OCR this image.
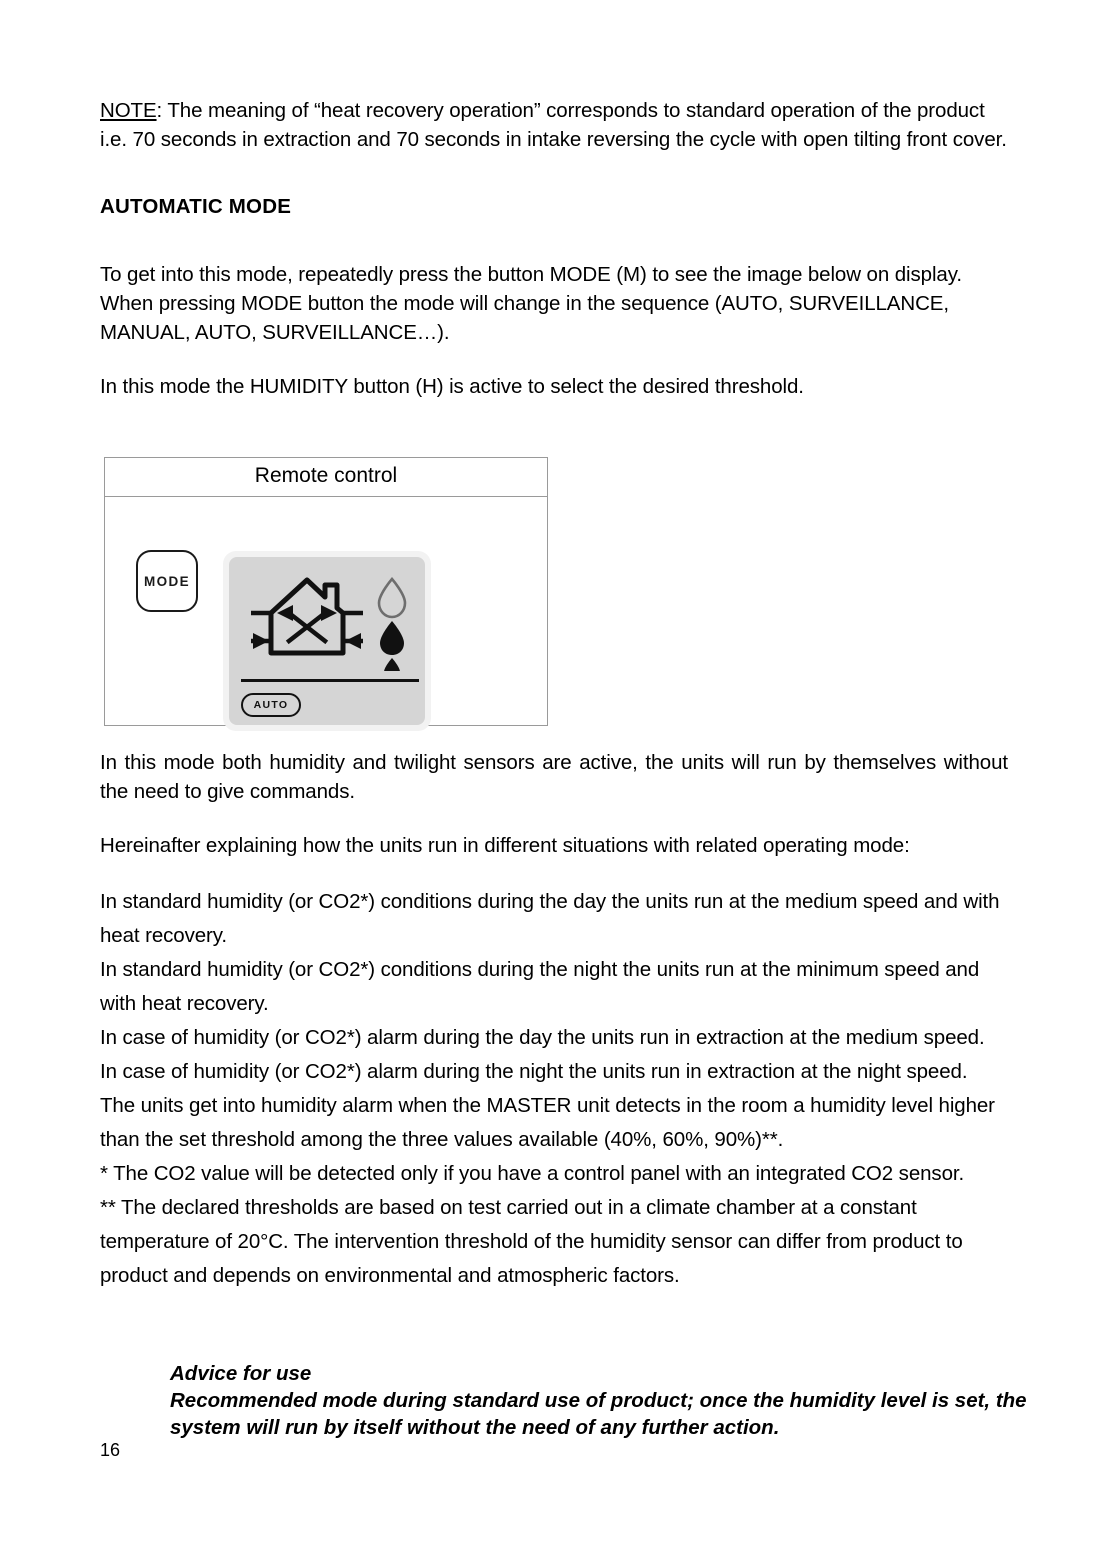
NOTE: The meaning of “heat recovery operation” corresponds to standard operation of the product i.e. 70 seconds in extraction and 70 seconds in intake reversing the cycle with open tilting front cover.

AUTOMATIC MODE

To get into this mode, repeatedly press the button MODE (M) to see the image below on display.

When pressing MODE button the mode will change in the sequence (AUTO, SURVEILLANCE, MANUAL, AUTO, SURVEILLANCE…).

In this mode the HUMIDITY button (H) is active to select the desired threshold.

Remote control
MODE
AUTO

In this mode both humidity and twilight sensors are active, the units will run by themselves without the need to give commands.

Hereinafter explaining how the units run in different situations with related operating mode:

In standard humidity (or CO2*) conditions during the day the units run at the medium speed and with heat recovery.

In standard humidity (or CO2*) conditions during the night the units run at the minimum speed and with heat recovery.

In case of humidity (or CO2*) alarm during the day the units run in extraction at the medium speed.

In case of humidity (or CO2*) alarm during the night the units run in extraction at the night speed.

The units get into humidity alarm when the MASTER unit detects in the room a humidity level higher than the set threshold among the three values available (40%, 60%, 90%)**.

* The CO2 value will be detected only if you have a control panel with an integrated CO2 sensor.

** The declared thresholds are based on test carried out in a climate chamber at a constant temperature of 20°C. The intervention threshold of the humidity sensor can differ from product to product and depends on environmental and atmospheric factors.

Advice for use

Recommended mode during standard use of product; once the humidity level is set, the system will run by itself without the need of any further action.

16
